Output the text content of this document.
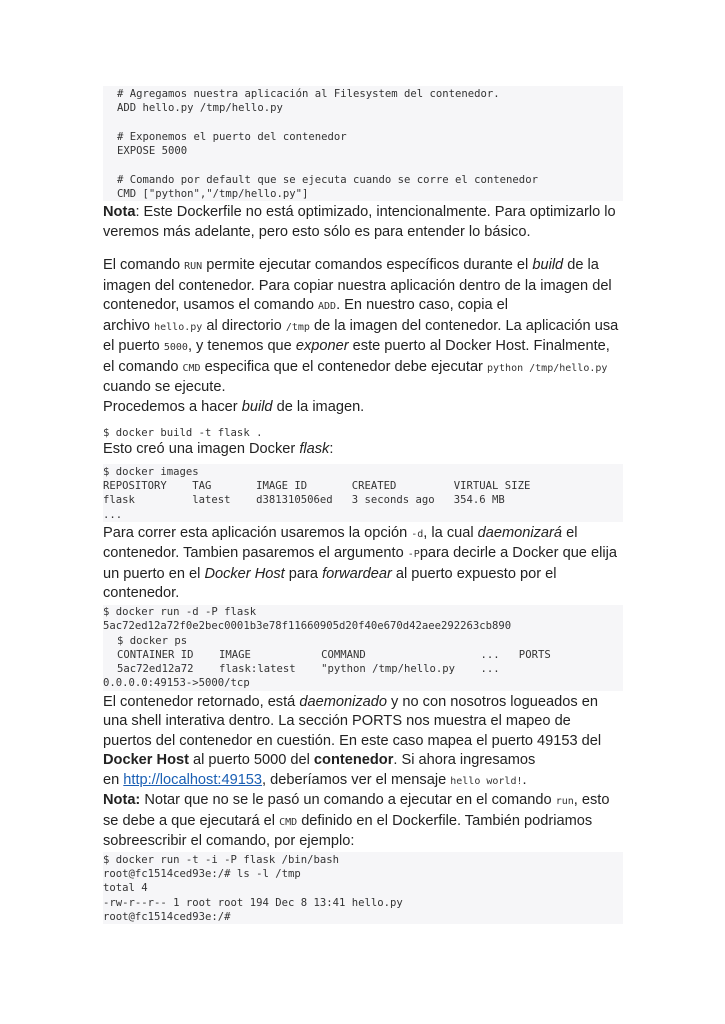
# Agregamos nuestra aplicación al Filesystem del contenedor.
ADD hello.py /tmp/hello.py
# Exponemos el puerto del contenedor
EXPOSE 5000
# Comando por default que se ejecuta cuando se corre el contenedor
CMD ["python","/tmp/hello.py"]

Nota: Este Dockerfile no está optimizado, intencionalmente. Para optimizarlo lo veremos más adelante, pero esto sólo es para entender lo básico.

El comando RUN permite ejecutar comandos específicos durante el build de la imagen del contenedor. Para copiar nuestra aplicación dentro de la imagen del contenedor, usamos el comando ADD. En nuestro caso, copia el
archivo hello.py al directorio /tmp de la imagen del contenedor. La aplicación usa el puerto 5000, y tenemos que exponer este puerto al Docker Host. Finalmente, el comando CMD especifica que el contenedor debe ejecutar python /tmp/hello.py cuando se ejecute.
Procedemos a hacer build de la imagen.

$ docker build -t flask .

Esto creó una imagen Docker flask:

$ docker images
REPOSITORY    TAG       IMAGE ID       CREATED         VIRTUAL SIZE
flask         latest    d381310506ed   3 seconds ago   354.6 MB
...

Para correr esta aplicación usaremos la opción -d, la cual daemonizará el contenedor. Tambien pasaremos el argumento -Ppara decirle a Docker que elija un puerto en el Docker Host para forwardear al puerto expuesto por el contenedor.

$ docker run -d -P flask
5ac72ed12a72f0e2bec0001b3e78f11660905d20f40e670d42aee292263cb890
$ docker ps
CONTAINER ID    IMAGE           COMMAND                  ...   PORTS
5ac72ed12a72    flask:latest    "python /tmp/hello.py    ...
0.0.0.0:49153->5000/tcp

El contenedor retornado, está daemonizado y no con nosotros logueados en una shell interativa dentro. La sección PORTS nos muestra el mapeo de puertos del contenedor en cuestión. En este caso mapea el puerto 49153 del Docker Host al puerto 5000 del contenedor. Si ahora ingresamos
en http://localhost:49153, deberíamos ver el mensaje hello world!.
Nota: Notar que no se le pasó un comando a ejecutar en el comando run, esto se debe a que ejecutará el CMD definido en el Dockerfile. También podriamos sobreescribir el comando, por ejemplo:

$ docker run -t -i -P flask /bin/bash
root@fc1514ced93e:/# ls -l /tmp
total 4
-rw-r--r-- 1 root root 194 Dec 8 13:41 hello.py
root@fc1514ced93e:/#
